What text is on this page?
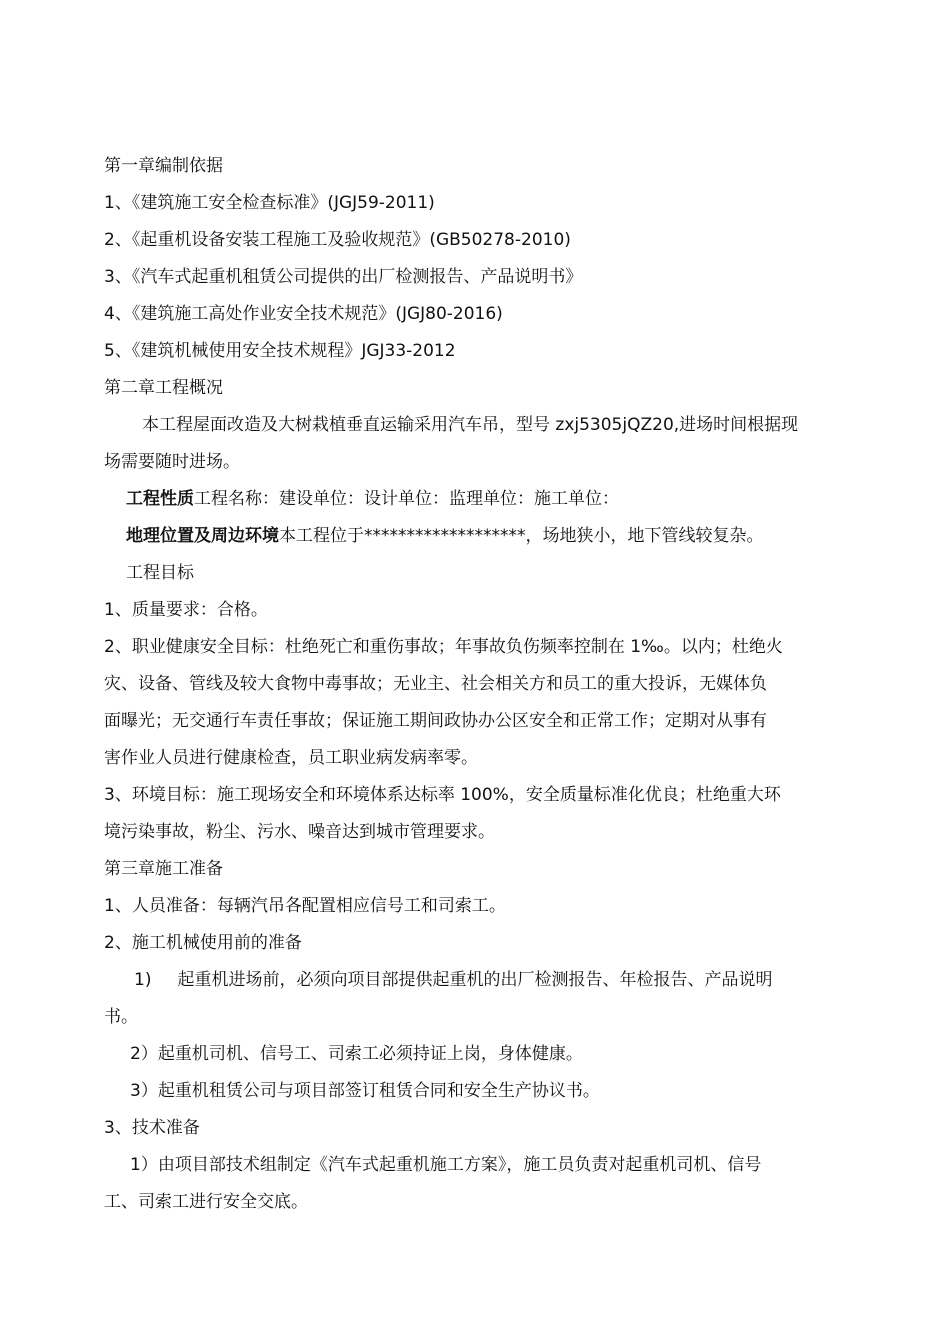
第一章编制依据
1、《建筑施工安全检查标准》(JGJ59-2011)
2、《起重机设备安装工程施工及验收规范》(GB50278-2010)
3、《汽车式起重机租赁公司提供的出厂检测报告、产品说明书》
4、《建筑施工高处作业安全技术规范》(JGJ80-2016)
5、《建筑机械使用安全技术规程》JGJ33-2012
第二章工程概况
本工程屋面改造及大树栽植垂直运输采用汽车吊，型号 zxj5305jQZ20,进场时间根据现
场需要随时进场。
工程性质工程名称：建设单位：设计单位：监理单位：施工单位：
地理位置及周边环境本工程位于*******************，场地狭小，地下管线较复杂。
工程目标
1、质量要求：合格。
2、职业健康安全目标：杜绝死亡和重伤事故；年事故负伤频率控制在 1‰。以内；杜绝火
灾、设备、管线及较大食物中毒事故；无业主、社会相关方和员工的重大投诉，无媒体负
面曝光；无交通行车责任事故；保证施工期间政协办公区安全和正常工作；定期对从事有
害作业人员进行健康检查，员工职业病发病率零。
3、环境目标：施工现场安全和环境体系达标率 100%，安全质量标准化优良；杜绝重大环
境污染事故，粉尘、污水、噪音达到城市管理要求。
第三章施工准备
1、人员准备：每辆汽吊各配置相应信号工和司索工。
2、施工机械使用前的准备
1) 起重机进场前，必须向项目部提供起重机的出厂检测报告、年检报告、产品说明
书。
2）起重机司机、信号工、司索工必须持证上岗，身体健康。
3）起重机租赁公司与项目部签订租赁合同和安全生产协议书。
3、技术准备
1）由项目部技术组制定《汽车式起重机施工方案》，施工员负责对起重机司机、信号
工、司索工进行安全交底。
